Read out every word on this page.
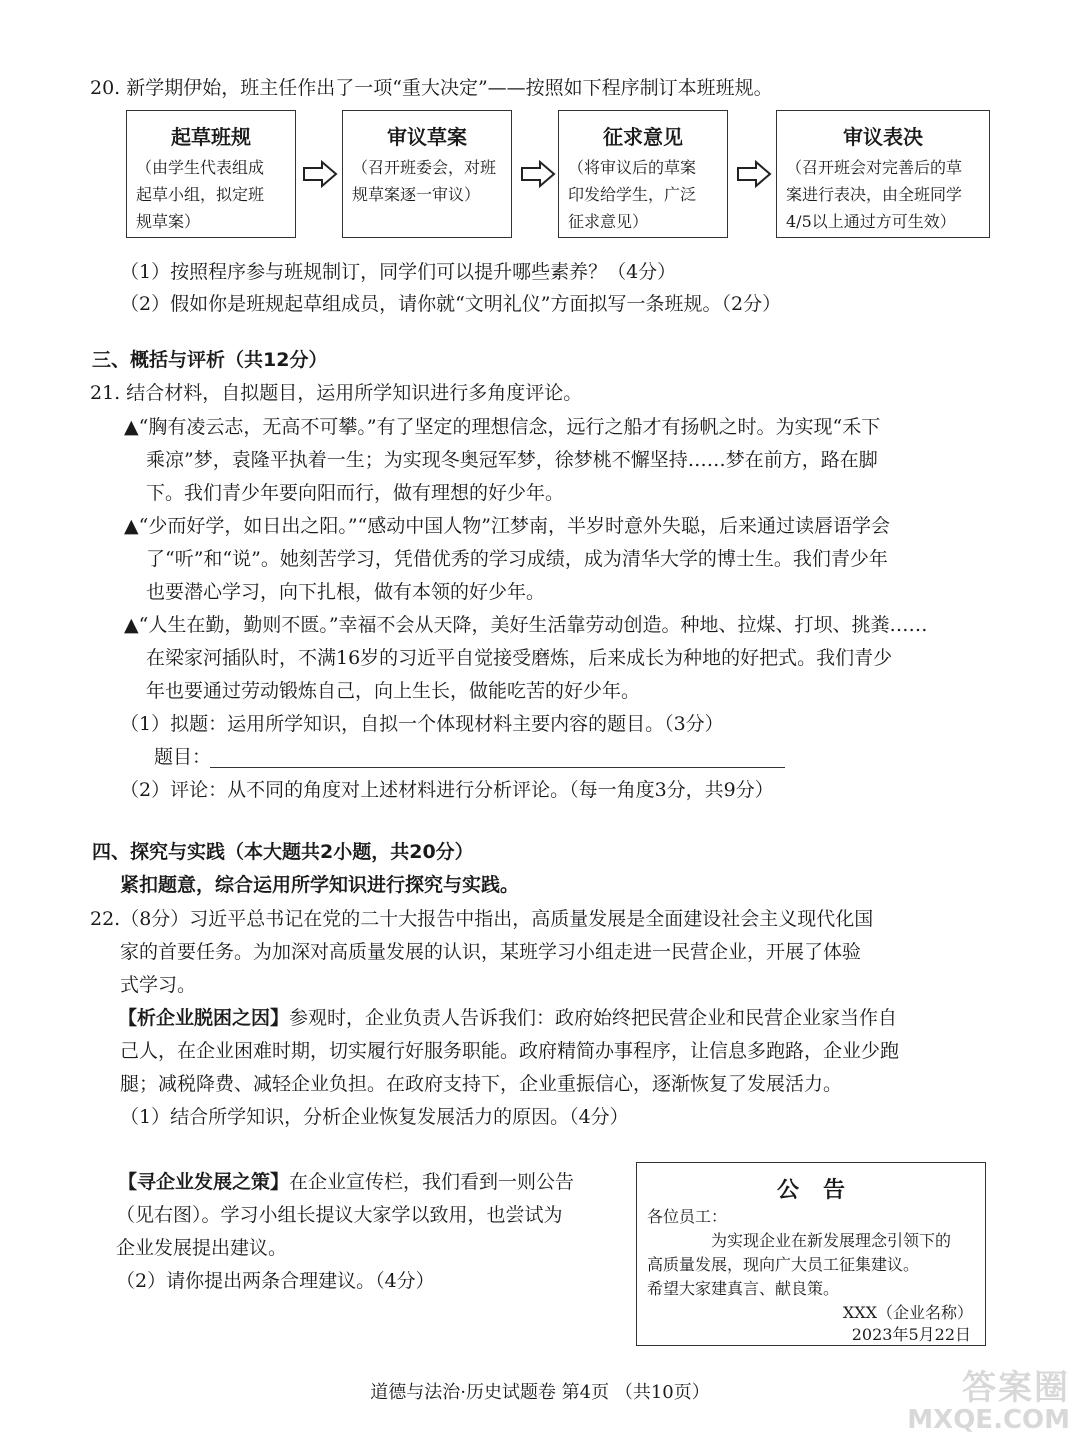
20. 新学期伊始，班主任作出了一项“重大决定”——按照如下程序制订本班班规。
起草班规
（由学生代表组成
起草小组，拟定班
规草案）
审议草案
（召开班委会，对班
规草案逐一审议）
征求意见
（将审议后的草案
印发给学生，广泛
征求意见）
审议表决
（召开班会对完善后的草
案进行表决，由全班同学
4/5以上通过方可生效）
（1）按照程序参与班规制订，同学们可以提升哪些素养？（4分）
（2）假如你是班规起草组成员，请你就“文明礼仪”方面拟写一条班规。（2分）
三、概括与评析（共12分）
21. 结合材料，自拟题目，运用所学知识进行多角度评论。
▲“胸有凌云志，无高不可攀。”有了坚定的理想信念，远行之船才有扬帆之时。为实现“禾下
乘凉”梦，袁隆平执着一生；为实现冬奥冠军梦，徐梦桃不懈坚持……梦在前方，路在脚
下。我们青少年要向阳而行，做有理想的好少年。
▲“少而好学，如日出之阳。”“感动中国人物”江梦南，半岁时意外失聪，后来通过读唇语学会
了“听”和“说”。她刻苦学习，凭借优秀的学习成绩，成为清华大学的博士生。我们青少年
也要潜心学习，向下扎根，做有本领的好少年。
▲“人生在勤，勤则不匮。”幸福不会从天降，美好生活靠劳动创造。种地、拉煤、打坝、挑粪……
在梁家河插队时，不满16岁的习近平自觉接受磨炼，后来成长为种地的好把式。我们青少
年也要通过劳动锻炼自己，向上生长，做能吃苦的好少年。
（1）拟题：运用所学知识，自拟一个体现材料主要内容的题目。（3分）
题目：
（2）评论：从不同的角度对上述材料进行分析评论。（每一角度3分，共9分）
四、探究与实践（本大题共2小题，共20分）
紧扣题意，综合运用所学知识进行探究与实践。
22.（8分）习近平总书记在党的二十大报告中指出，高质量发展是全面建设社会主义现代化国
家的首要任务。为加深对高质量发展的认识，某班学习小组走进一民营企业，开展了体验
式学习。
【析企业脱困之因】参观时，企业负责人告诉我们：政府始终把民营企业和民营企业家当作自
己人，在企业困难时期，切实履行好服务职能。政府精简办事程序，让信息多跑路，企业少跑
腿；减税降费、减轻企业负担。在政府支持下，企业重振信心，逐渐恢复了发展活力。
（1）结合所学知识，分析企业恢复发展活力的原因。（4分）
【寻企业发展之策】在企业宣传栏，我们看到一则公告
（见右图）。学习小组长提议大家学以致用，也尝试为
企业发展提出建议。
（2）请你提出两条合理建议。（4分）
公告
各位员工：
为实现企业在新发展理念引领下的
高质量发展，现向广大员工征集建议。
希望大家建真言、献良策。
XXX（企业名称）
2023年5月22日
道德与法治·历史试题卷 第4页 （共10页）	答案圈
MXQE.COM
